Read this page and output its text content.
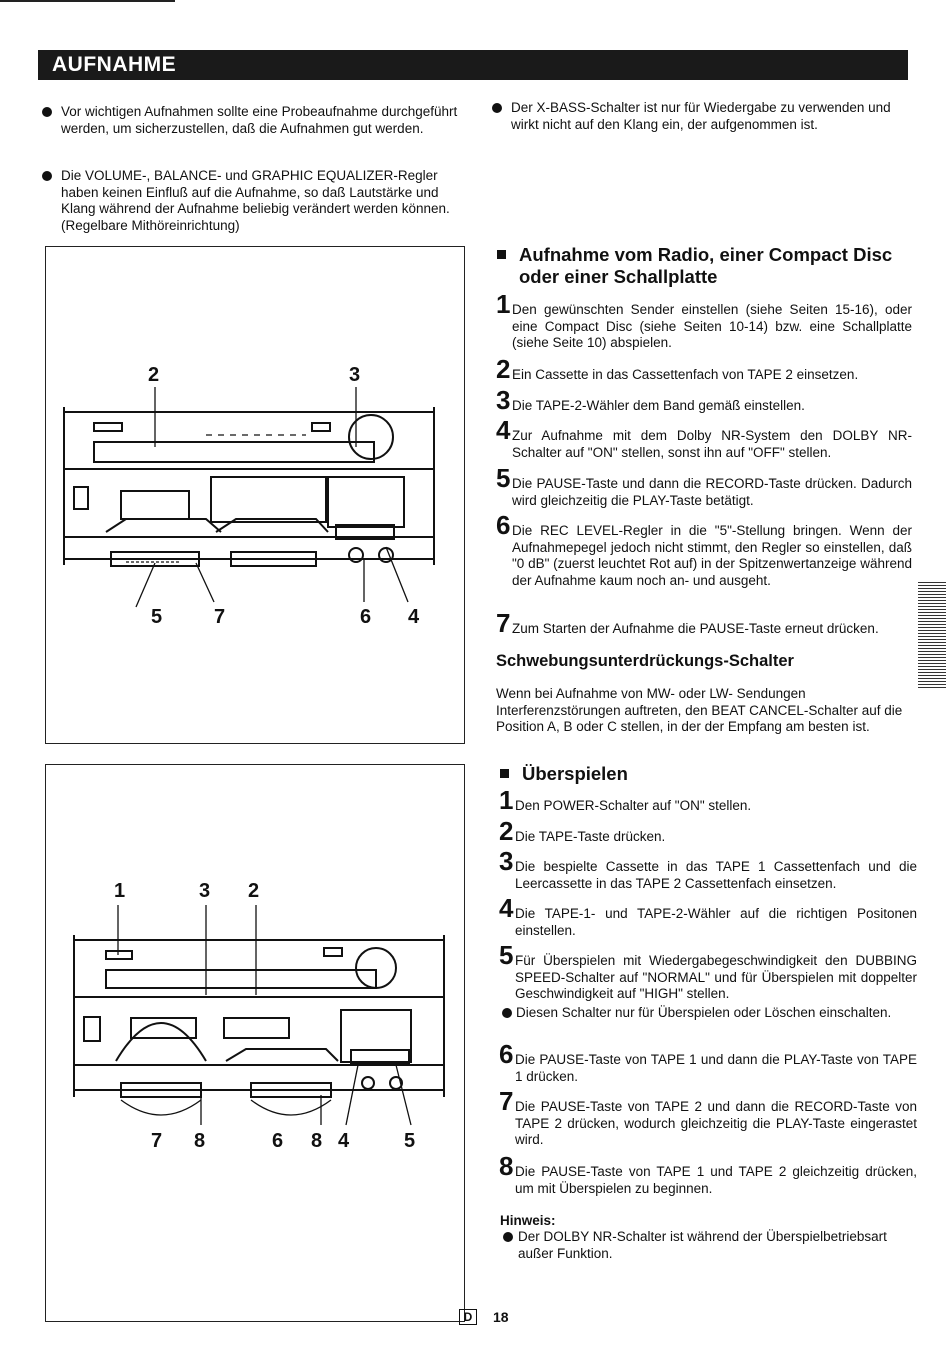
AUFNAHME
Vor wichtigen Aufnahmen sollte eine Probeaufnahme durchgeführt werden, um sicherzustellen, daß die Aufnahmen gut werden.
Die VOLUME-, BALANCE- und GRAPHIC EQUALIZER-Regler haben keinen Einfluß auf die Aufnahme, so daß Lautstärke und Klang während der Aufnahme beliebig verändert werden können. (Regelbare Mithöreinrichtung)
Der X-BASS-Schalter ist nur für Wiedergabe zu verwenden und wirkt nicht auf den Klang ein, der aufgenommen ist.
2	3
5	7	6 4
1	3 2
7 8	6 8 4	5
Aufnahme vom Radio, einer Compact Disc oder einer Schallplatte
1 Den gewünschten Sender einstellen (siehe Seiten 15-16), oder eine Compact Disc (siehe Seiten 10-14) bzw. eine Schallplatte (siehe Seite 10) abspielen.
2 Ein Cassette in das Cassettenfach von TAPE 2 einsetzen.
3 Die TAPE-2-Wähler dem Band gemäß einstellen.
4 Zur Aufnahme mit dem Dolby NR-System den DOLBY NR-Schalter auf "ON" stellen, sonst ihn auf "OFF" stellen.
5 Die PAUSE-Taste und dann die RECORD-Taste drücken. Dadurch wird gleichzeitig die PLAY-Taste betätigt.
6 Die REC LEVEL-Regler in die "5"-Stellung bringen. Wenn der Aufnahmepegel jedoch nicht stimmt, den Regler so einstellen, daß "0 dB" (zuerst leuchtet Rot auf) in der Spitzenwertanzeige während der Aufnahme kaum noch an- und ausgeht.
7 Zum Starten der Aufnahme die PAUSE-Taste erneut drücken.
Schwebungsunterdrückungs-Schalter
Wenn bei Aufnahme von MW- oder LW- Sendungen Interferenzstörungen auftreten, den BEAT CANCEL-Schalter auf die Position A, B oder C stellen, in der der Empfang am besten ist.
Überspielen
1 Den POWER-Schalter auf "ON" stellen.
2 Die TAPE-Taste drücken.
3 Die bespielte Cassette in das TAPE 1 Cassettenfach und die Leercassette in das TAPE 2 Cassettenfach einsetzen.
4 Die TAPE-1- und TAPE-2-Wähler auf die richtigen Positonen einstellen.
5 Für Überspielen mit Wiedergabegeschwindigkeit den DUBBING SPEED-Schalter auf "NORMAL" und für Überspielen mit doppelter Geschwindigkeit auf "HIGH" stellen.
Diesen Schalter nur für Überspielen oder Löschen einschalten.
6 Die PAUSE-Taste von TAPE 1 und dann die PLAY-Taste von TAPE 1 drücken.
7 Die PAUSE-Taste von TAPE 2 und dann die RECORD-Taste von TAPE 2 drücken, wodurch gleichzeitig die PLAY-Taste eingerastet wird.
8 Die PAUSE-Taste von TAPE 1 und TAPE 2 gleichzeitig drücken, um mit Überspielen zu beginnen.
Hinweis:
Der DOLBY NR-Schalter ist während der Überspielbetriebsart außer Funktion.
D	18
